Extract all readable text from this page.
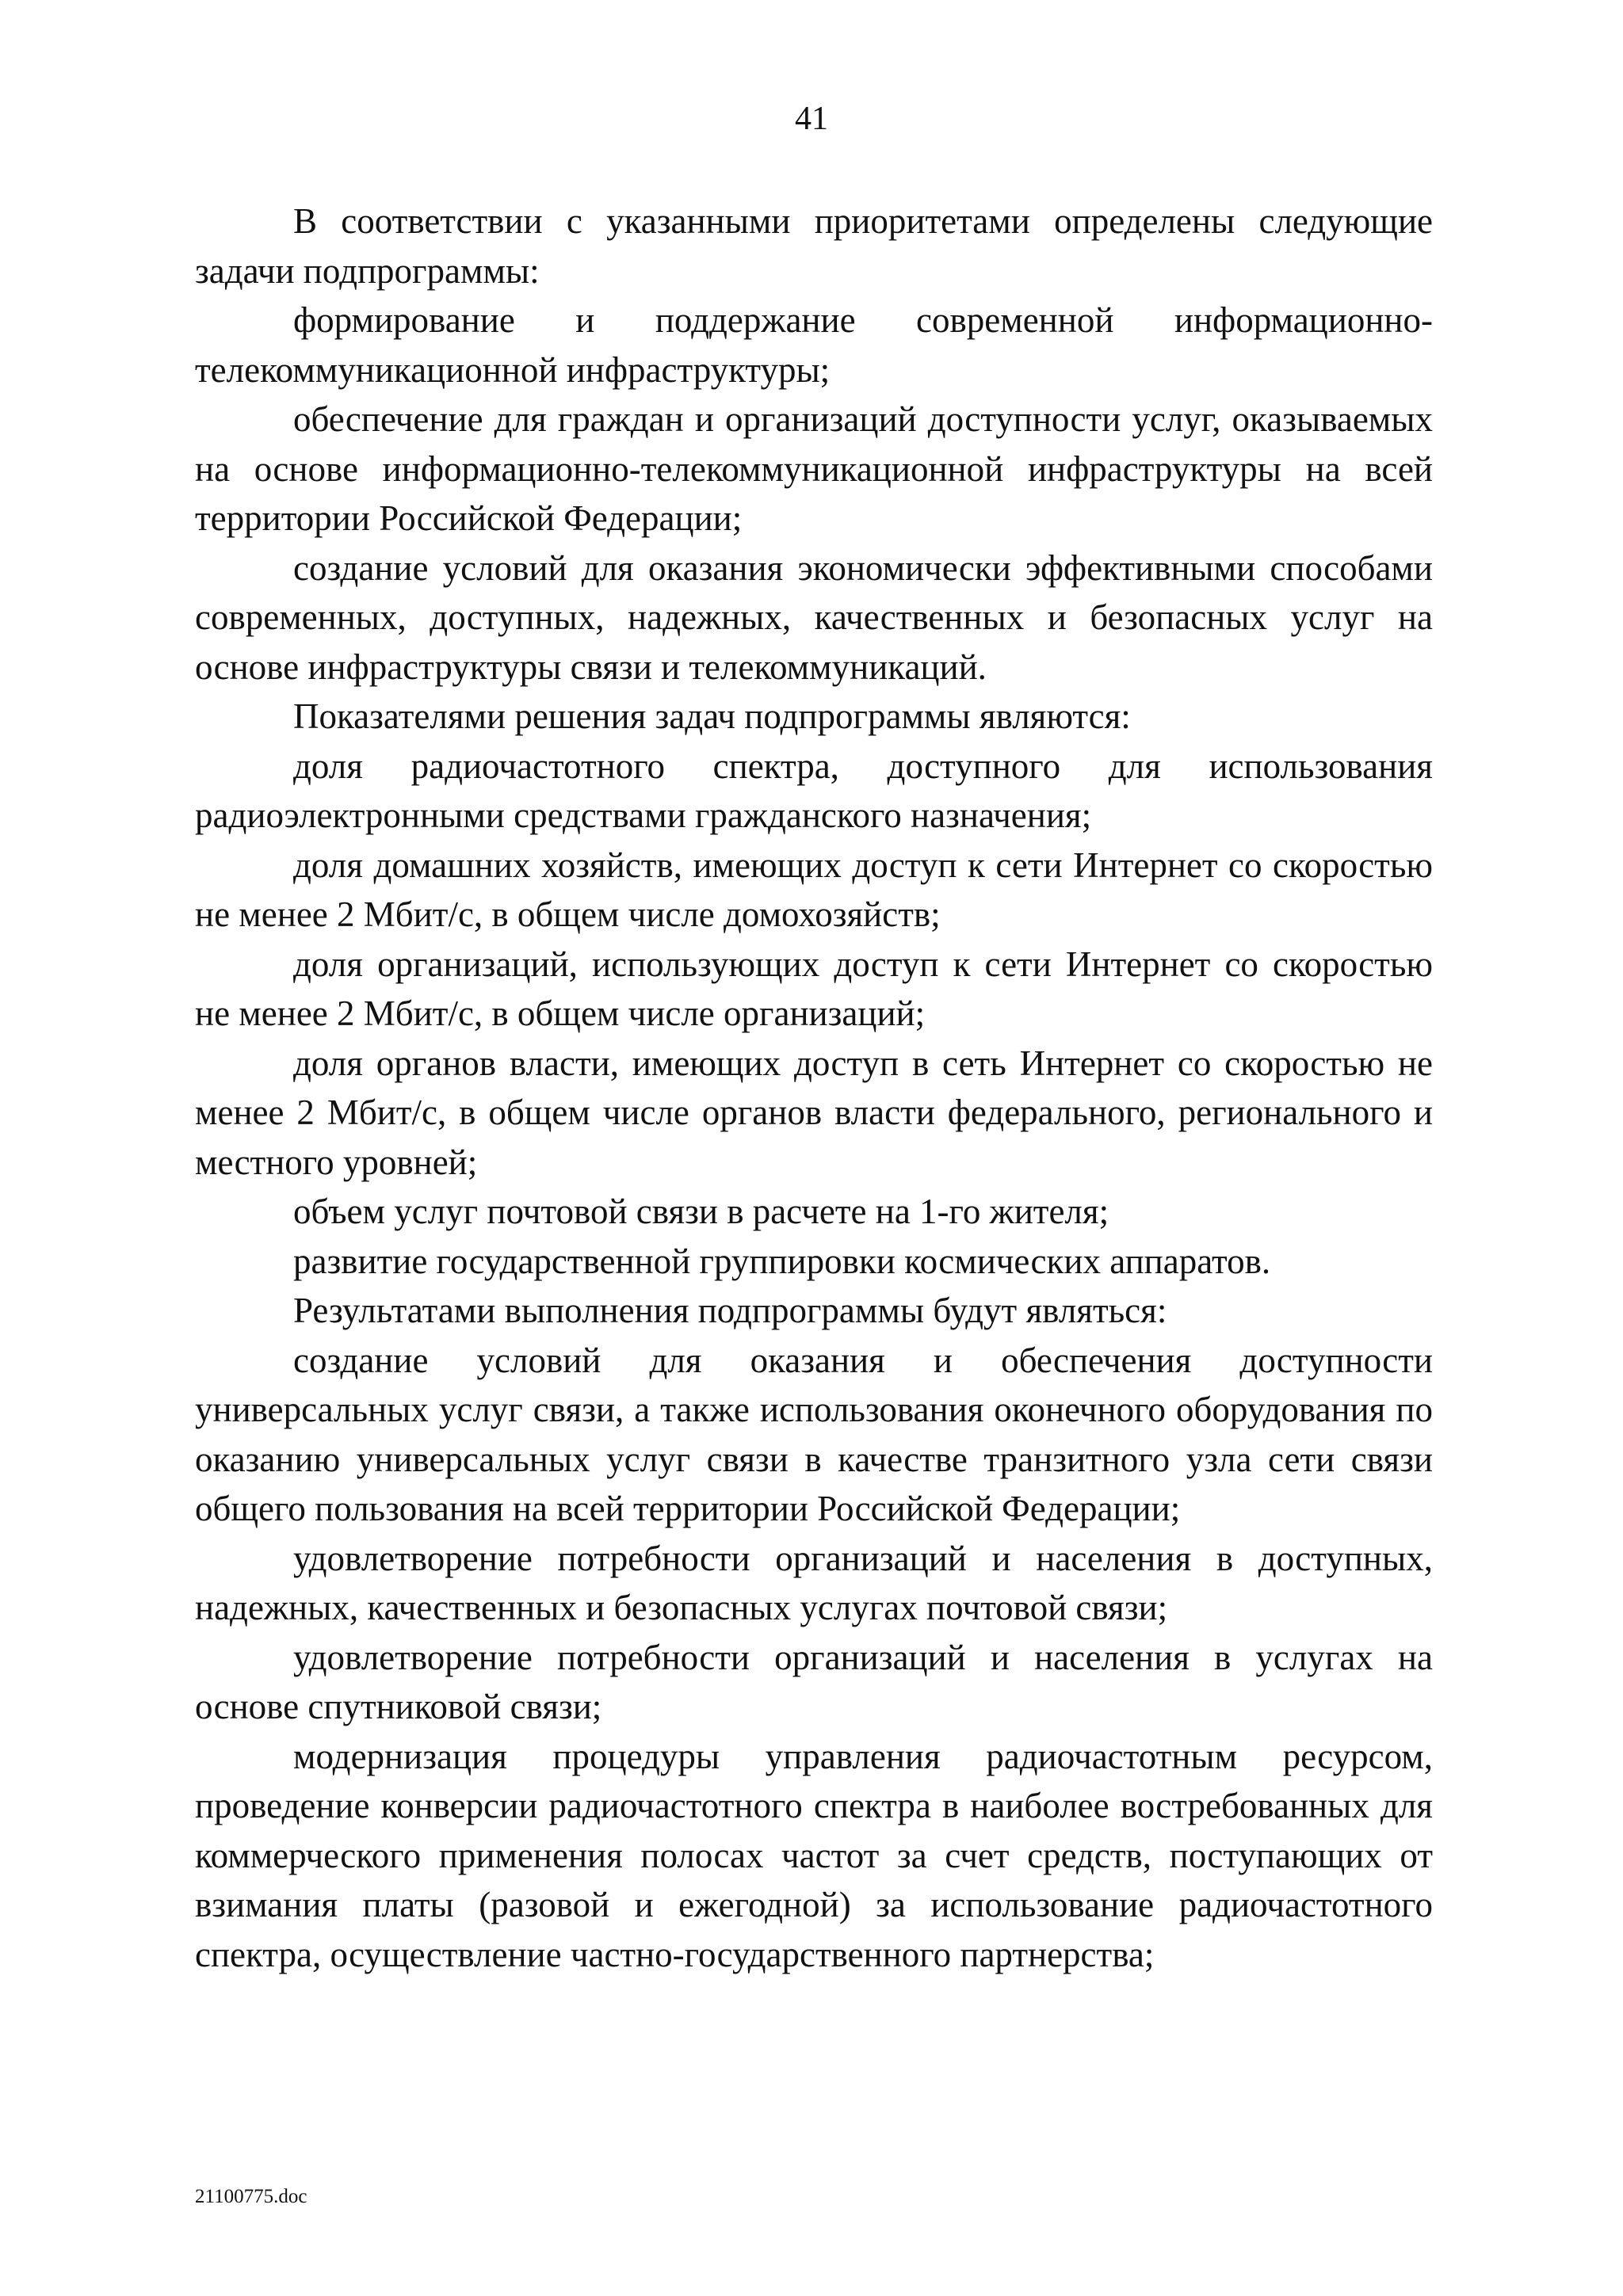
41

В соответствии с указанными приоритетами определены следующие задачи подпрограммы:

формирование и поддержание современной информационно-телекоммуникационной инфраструктуры;

обеспечение для граждан и организаций доступности услуг, оказываемых на основе информационно-телекоммуникационной инфраструктуры на всей территории Российской Федерации;

создание условий для оказания экономически эффективными способами современных, доступных, надежных, качественных и безопасных услуг на основе инфраструктуры связи и телекоммуникаций.

Показателями решения задач подпрограммы являются:

доля радиочастотного спектра, доступного для использования радиоэлектронными средствами гражданского назначения;

доля домашних хозяйств, имеющих доступ к сети Интернет со скоростью не менее 2 Мбит/с, в общем числе домохозяйств;

доля организаций, использующих доступ к сети Интернет со скоростью не менее 2 Мбит/с, в общем числе организаций;

доля органов власти, имеющих доступ в сеть Интернет со скоростью не менее 2 Мбит/с, в общем числе органов власти федерального, регионального и местного уровней;

объем услуг почтовой связи в расчете на 1-го жителя;

развитие государственной группировки космических аппаратов.

Результатами выполнения подпрограммы будут являться:

создание условий для оказания и обеспечения доступности универсальных услуг связи, а также использования оконечного оборудования по оказанию универсальных услуг связи в качестве транзитного узла сети связи общего пользования на всей территории Российской Федерации;

удовлетворение потребности организаций и населения в доступных, надежных, качественных и безопасных услугах почтовой связи;

удовлетворение потребности организаций и населения в услугах на основе спутниковой связи;

модернизация процедуры управления радиочастотным ресурсом, проведение конверсии радиочастотного спектра в наиболее востребованных для коммерческого применения полосах частот за счет средств, поступающих от взимания платы (разовой и ежегодной) за использование радиочастотного спектра, осуществление частно-государственного партнерства;

21100775.doc
